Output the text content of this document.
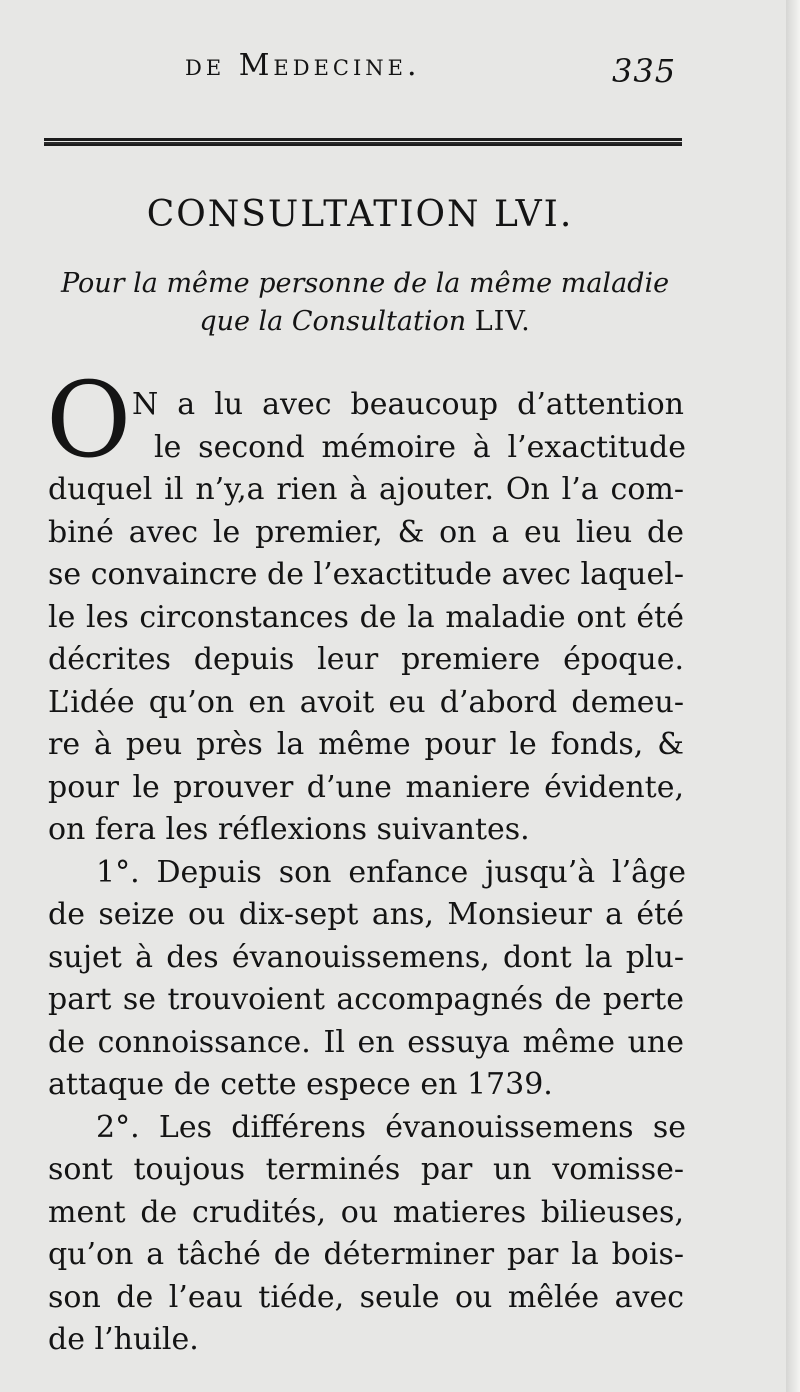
de Medecine.	335
CONSULTATION LVI.
Pour la même personne de la même maladie
que la Consultation LIV.
O N a lu avec beaucoup d’attention
le second mémoire à l’exactitude
duquel il n’y,a rien à ajouter. On l’a com-
biné avec le premier, & on a eu lieu de
se convaincre de l’exactitude avec laquel-
le les circonstances de la maladie ont été
décrites depuis leur premiere époque.
L’idée qu’on en avoit eu d’abord demeu-
re à peu près la même pour le fonds, &
pour le prouver d’une maniere évidente,
on fera les réflexions suivantes.
1°. Depuis son enfance jusqu’à l’âge
de seize ou dix-sept ans, Monsieur a été
sujet à des évanouissemens, dont la plu-
part se trouvoient accompagnés de perte
de connoissance. Il en essuya même une
attaque de cette espece en 1739.
2°. Les différens évanouissemens se
sont toujous terminés par un vomisse-
ment de crudités, ou matieres bilieuses,
qu’on a tâché de déterminer par la bois-
son de l’eau tiéde, seule ou mêlée avec
de l’huile.
